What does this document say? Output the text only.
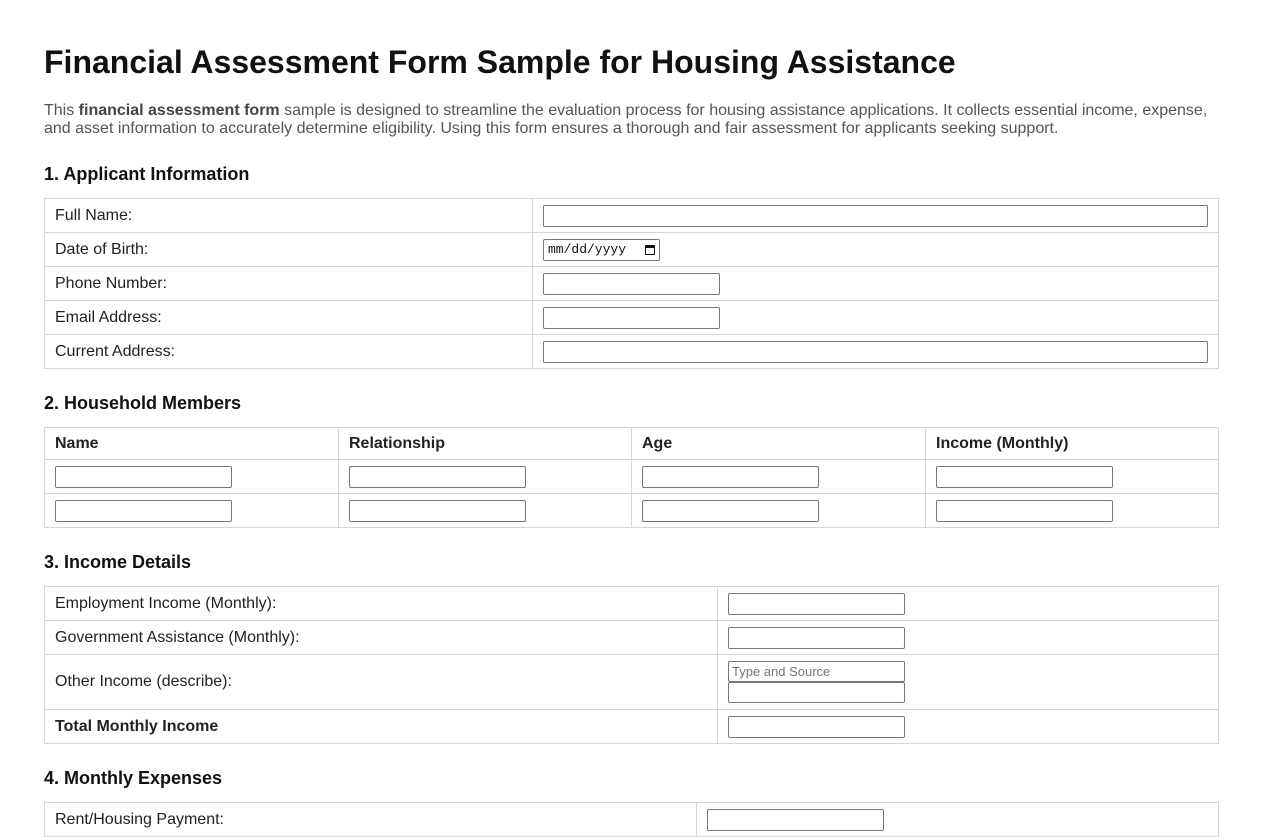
Financial Assessment Form Sample for Housing Assistance

This financial assessment form sample is designed to streamline the evaluation process for housing assistance applications. It collects essential income, expense, and asset information to accurately determine eligibility. Using this form ensures a thorough and fair assessment for applicants seeking support.

1. Applicant Information
Full Name:	

Date of Birth:	mm/dd/yyyy

Phone Number:	

Email Address:	

Current Address:	
2. Household Members
Name	Relationship	Age	Income (Monthly)

3. Income Details
Employment Income (Monthly):	

Government Assistance (Monthly):	

Other Income (describe):	
Type and Source

Total Monthly Income	
4. Monthly Expenses
Rent/Housing Payment:	
